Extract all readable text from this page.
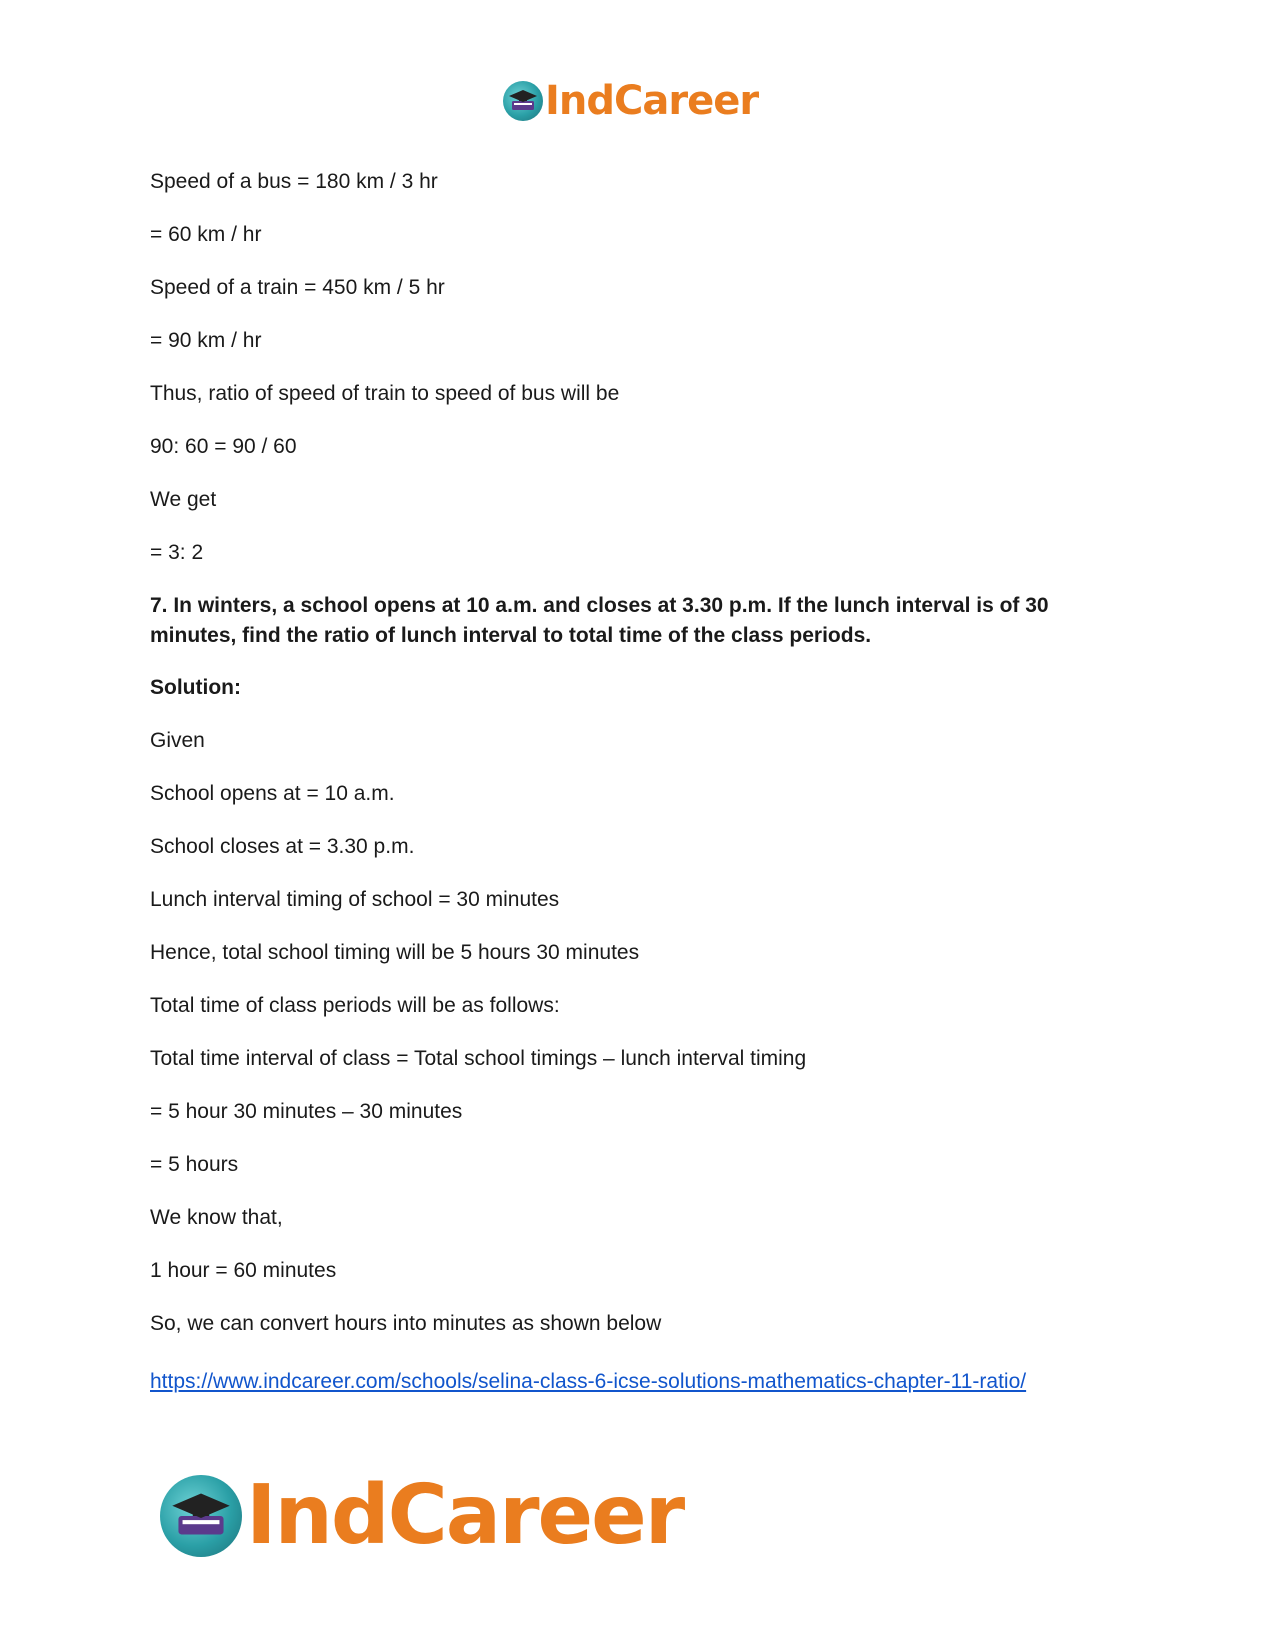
IndCareer
Speed of a bus = 180 km / 3 hr
= 60 km / hr
Speed of a train = 450 km / 5 hr
= 90 km / hr
Thus, ratio of speed of train to speed of bus will be
90: 60 = 90 / 60
We get
= 3: 2
7. In winters, a school opens at 10 a.m. and closes at 3.30 p.m. If the lunch interval is of 30 minutes, find the ratio of lunch interval to total time of the class periods.
Solution:
Given
School opens at = 10 a.m.
School closes at = 3.30 p.m.
Lunch interval timing of school = 30 minutes
Hence, total school timing will be 5 hours 30 minutes
Total time of class periods will be as follows:
Total time interval of class = Total school timings – lunch interval timing
= 5 hour 30 minutes – 30 minutes
= 5 hours
We know that,
1 hour = 60 minutes
So, we can convert hours into minutes as shown below
https://www.indcareer.com/schools/selina-class-6-icse-solutions-mathematics-chapter-11-ratio/
IndCareer
